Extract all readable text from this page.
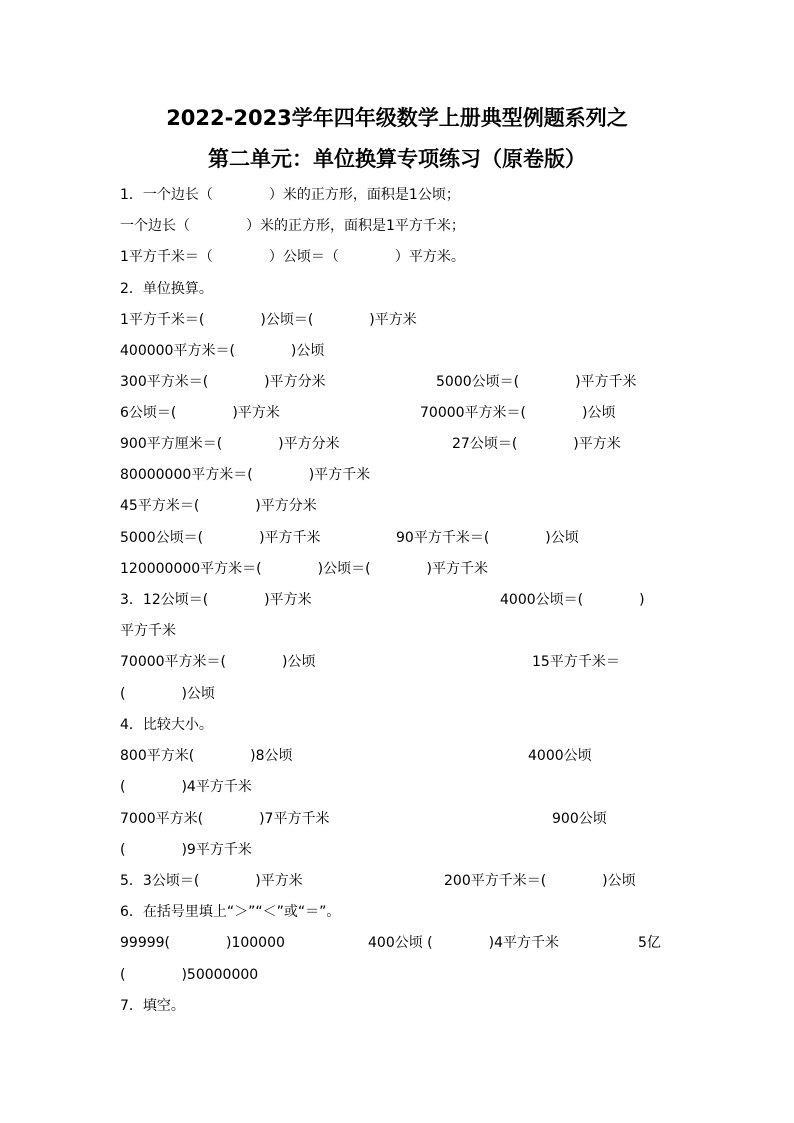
2022-2023学年四年级数学上册典型例题系列之
第二单元：单位换算专项练习（原卷版）
1．一个边长（　　　　）米的正方形，面积是1公顷；
一个边长（　　　　）米的正方形，面积是1平方千米；
1平方千米＝（　　　　）公顷＝（　　　　）平方米。
2．单位换算。
1平方千米＝(　　　　)公顷＝(　　　　)平方米
400000平方米＝(　　　　)公顷
300平方米＝(　　　　)平方分米	5000公顷＝(　　　　)平方千米
6公顷＝(　　　　)平方米	70000平方米＝(　　　　)公顷
900平方厘米＝(　　　　)平方分米	27公顷＝(　　　　)平方米
80000000平方米＝(　　　　)平方千米
45平方米＝(　　　　)平方分米
5000公顷＝(　　　　)平方千米	90平方千米＝(　　　　)公顷
120000000平方米＝(　　　　)公顷＝(　　　　)平方千米
3．12公顷＝(　　　　)平方米	4000公顷＝(　　　　)
平方千米
70000平方米＝(　　　　)公顷	15平方千米＝
(　　　　)公顷
4．比较大小。
800平方米(　　　　)8公顷	4000公顷
(　　　　)4平方千米
7000平方米(　　　　)7平方千米	900公顷
(　　　　)9平方千米
5．3公顷＝(　　　　)平方米	200平方千米＝(　　　　)公顷
6．在括号里填上“＞”“＜”或“＝”。
99999(　　　　)100000	400公顷 (　　　　)4平方千米	5亿
(　　　　)50000000
7．填空。
